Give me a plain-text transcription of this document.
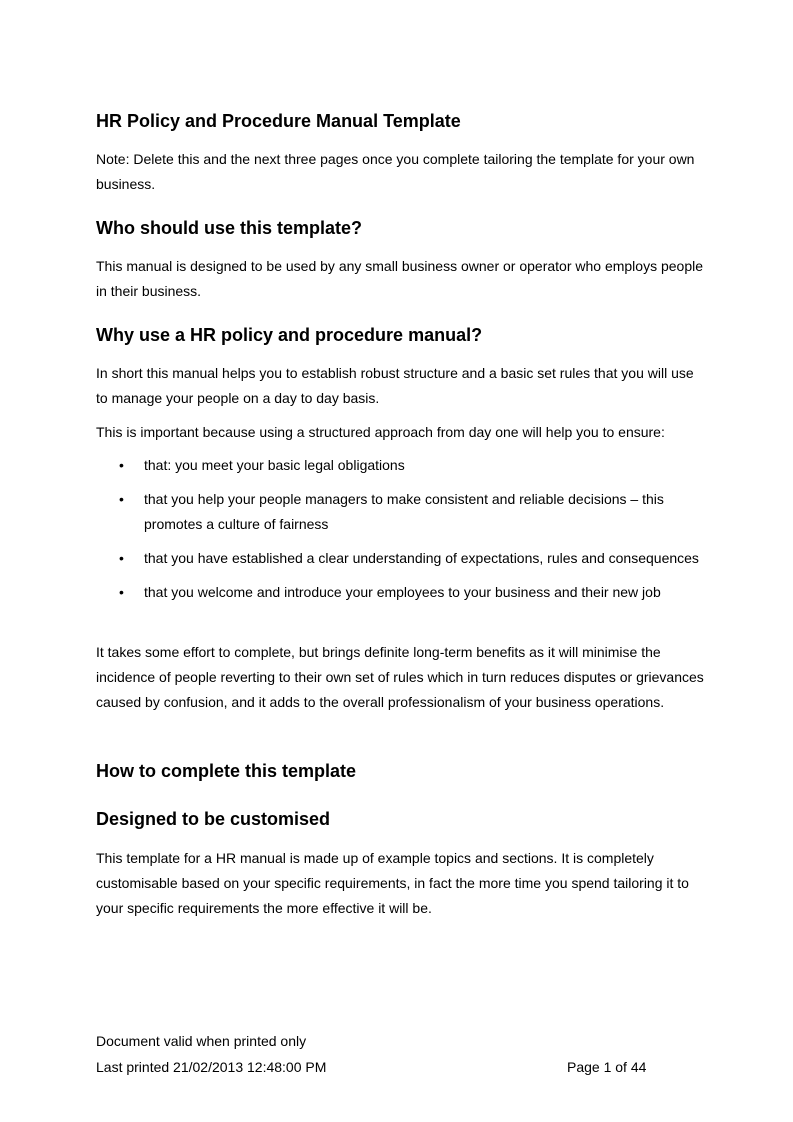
HR Policy and Procedure Manual Template

Note: Delete this and the next three pages once you complete tailoring the template for your own business.

Who should use this template?

This manual is designed to be used by any small business owner or operator who employs people in their business.

Why use a HR policy and procedure manual?

In short this manual helps you to establish robust structure and a basic set rules that you will use to manage your people on a day to day basis.

This is important because using a structured approach from day one will help you to ensure:

• that: you meet your basic legal obligations
• that you help your people managers to make consistent and reliable decisions – this promotes a culture of fairness
• that you have established a clear understanding of expectations, rules and consequences
• that you welcome and introduce your employees to your business and their new job

It takes some effort to complete, but brings definite long-term benefits as it will minimise the incidence of people reverting to their own set of rules which in turn reduces disputes or grievances caused by confusion, and it adds to the overall professionalism of your business operations.

How to complete this template
Designed to be customised

This template for a HR manual is made up of example topics and sections. It is completely customisable based on your specific requirements, in fact the more time you spend tailoring it to your specific requirements the more effective it will be.

Document valid when printed only

Last printed 21/02/2013 12:48:00 PM	Page 1 of 44
